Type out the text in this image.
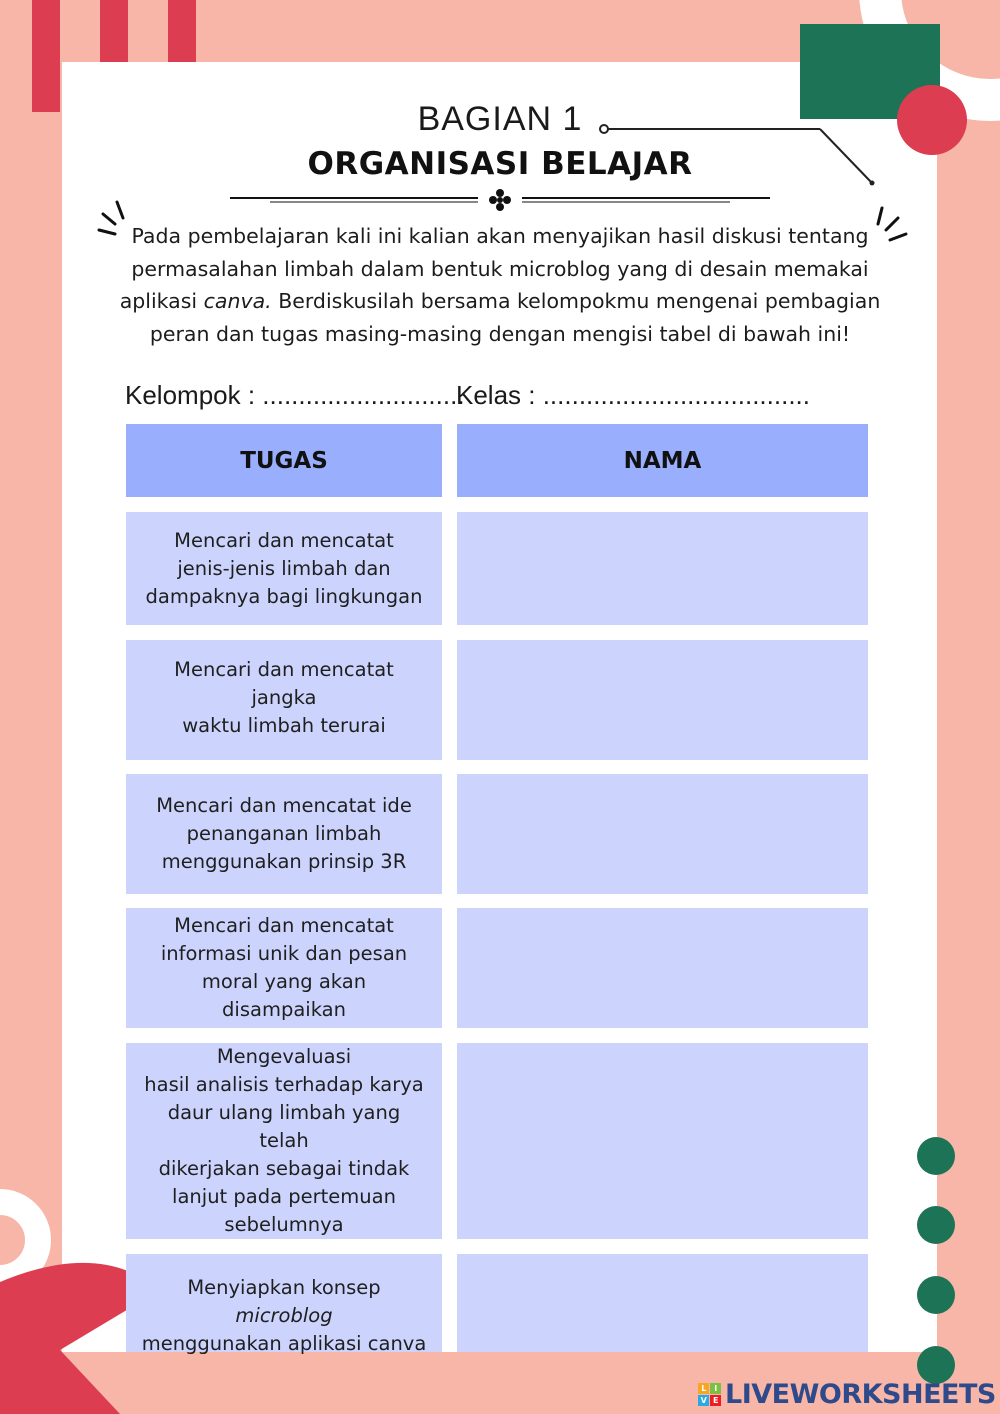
BAGIAN 1
ORGANISASI BELAJAR
Pada pembelajaran kali ini kalian akan menyajikan hasil diskusi tentang permasalahan limbah dalam bentuk microblog yang di desain memakai aplikasi canva. Berdiskusilah bersama kelompokmu mengenai pembagian peran dan tugas masing-masing dengan mengisi tabel di bawah ini!
Kelompok : ............................
Kelas : .....................................
TUGAS	NAMA
Mencari dan mencatat
jenis-jenis limbah dan
dampaknya bagi lingkungan
Mencari dan mencatat jangka
waktu limbah terurai
Mencari dan mencatat ide
penanganan limbah
menggunakan prinsip 3R
Mencari dan mencatat
informasi unik dan pesan
moral yang akan disampaikan
Mengevaluasi
hasil analisis terhadap karya
daur ulang limbah yang telah
dikerjakan sebagai tindak
lanjut pada pertemuan
sebelumnya
Menyiapkan konsep microblog
menggunakan aplikasi canva
L	I
V E LIVEWORKSHEETS
